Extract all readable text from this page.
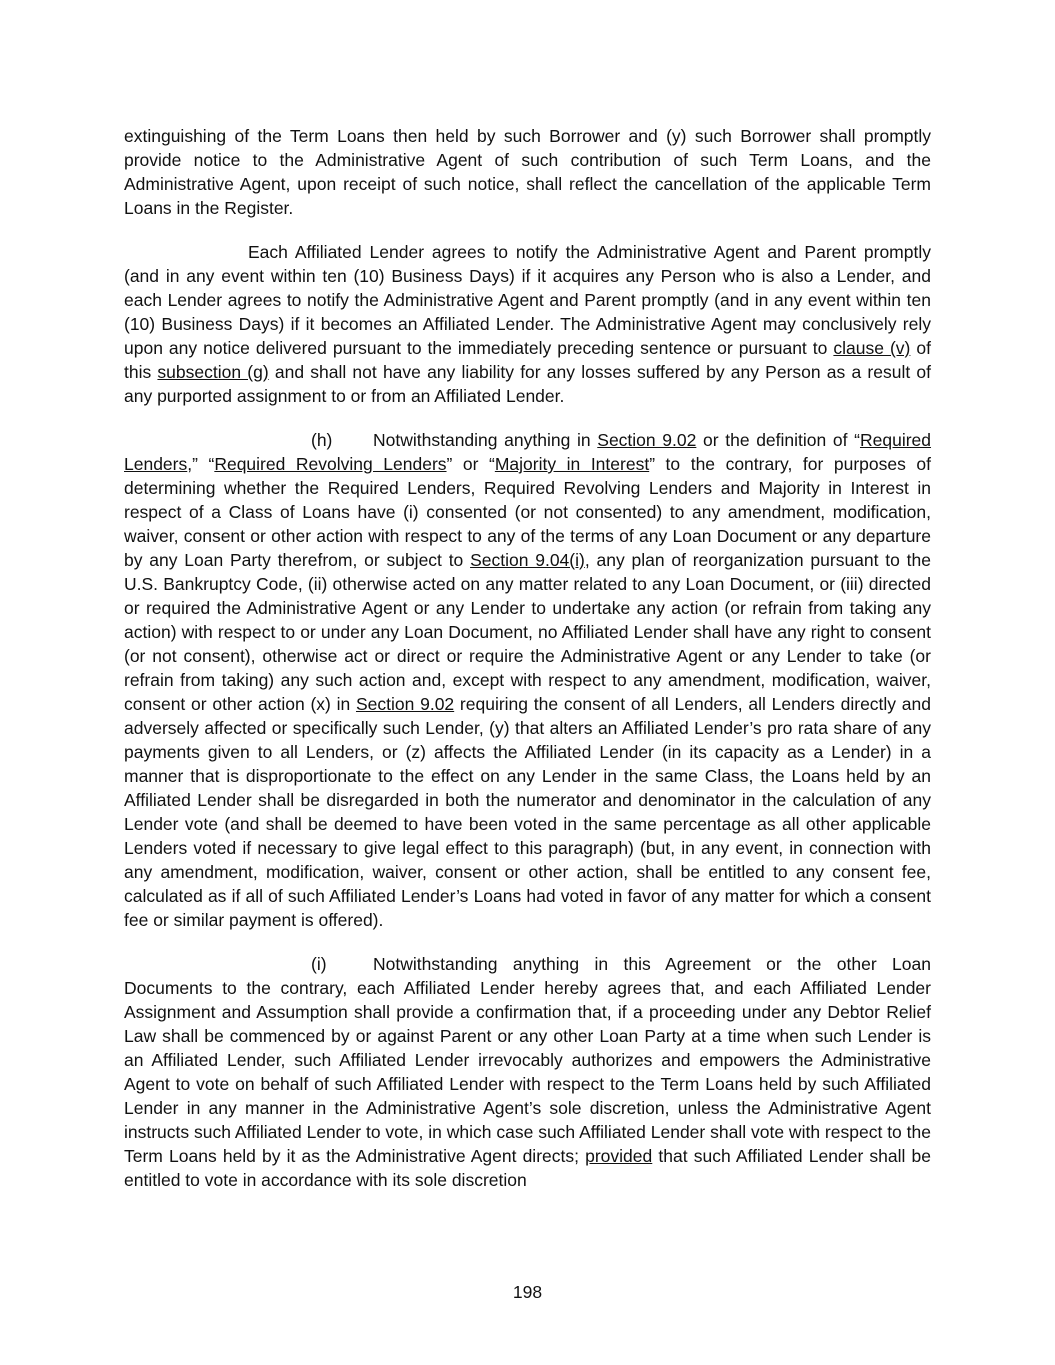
extinguishing of the Term Loans then held by such Borrower and (y) such Borrower shall promptly provide notice to the Administrative Agent of such contribution of such Term Loans, and the Administrative Agent, upon receipt of such notice, shall reflect the cancellation of the applicable Term Loans in the Register.

Each Affiliated Lender agrees to notify the Administrative Agent and Parent promptly (and in any event within ten (10) Business Days) if it acquires any Person who is also a Lender, and each Lender agrees to notify the Administrative Agent and Parent promptly (and in any event within ten (10) Business Days) if it becomes an Affiliated Lender. The Administrative Agent may conclusively rely upon any notice delivered pursuant to the immediately preceding sentence or pursuant to clause (v) of this subsection (g) and shall not have any liability for any losses suffered by any Person as a result of any purported assignment to or from an Affiliated Lender.

(h) Notwithstanding anything in Section 9.02 or the definition of “Required Lenders,” “Required Revolving Lenders” or “Majority in Interest” to the contrary, for purposes of determining whether the Required Lenders, Required Revolving Lenders and Majority in Interest in respect of a Class of Loans have (i) consented (or not consented) to any amendment, modification, waiver, consent or other action with respect to any of the terms of any Loan Document or any departure by any Loan Party therefrom, or subject to Section 9.04(i), any plan of reorganization pursuant to the U.S. Bankruptcy Code, (ii) otherwise acted on any matter related to any Loan Document, or (iii) directed or required the Administrative Agent or any Lender to undertake any action (or refrain from taking any action) with respect to or under any Loan Document, no Affiliated Lender shall have any right to consent (or not consent), otherwise act or direct or require the Administrative Agent or any Lender to take (or refrain from taking) any such action and, except with respect to any amendment, modification, waiver, consent or other action (x) in Section 9.02 requiring the consent of all Lenders, all Lenders directly and adversely affected or specifically such Lender, (y) that alters an Affiliated Lender’s pro rata share of any payments given to all Lenders, or (z) affects the Affiliated Lender (in its capacity as a Lender) in a manner that is disproportionate to the effect on any Lender in the same Class, the Loans held by an Affiliated Lender shall be disregarded in both the numerator and denominator in the calculation of any Lender vote (and shall be deemed to have been voted in the same percentage as all other applicable Lenders voted if necessary to give legal effect to this paragraph) (but, in any event, in connection with any amendment, modification, waiver, consent or other action, shall be entitled to any consent fee, calculated as if all of such Affiliated Lender’s Loans had voted in favor of any matter for which a consent fee or similar payment is offered).

(i)	Notwithstanding anything in this Agreement or the other Loan Documents to the contrary, each Affiliated Lender hereby agrees that, and each Affiliated Lender Assignment and Assumption shall provide a confirmation that, if a proceeding under any Debtor Relief Law shall be commenced by or against Parent or any other Loan Party at a time when such Lender is an Affiliated Lender, such Affiliated Lender irrevocably authorizes and empowers the Administrative Agent to vote on behalf of such Affiliated Lender with respect to the Term Loans held by such Affiliated Lender in any manner in the Administrative Agent’s sole discretion, unless the Administrative Agent instructs such Affiliated Lender to vote, in which case such Affiliated Lender shall vote with respect to the Term Loans held by it as the Administrative Agent directs; provided that such Affiliated Lender shall be entitled to vote in accordance with its sole discretion

198
